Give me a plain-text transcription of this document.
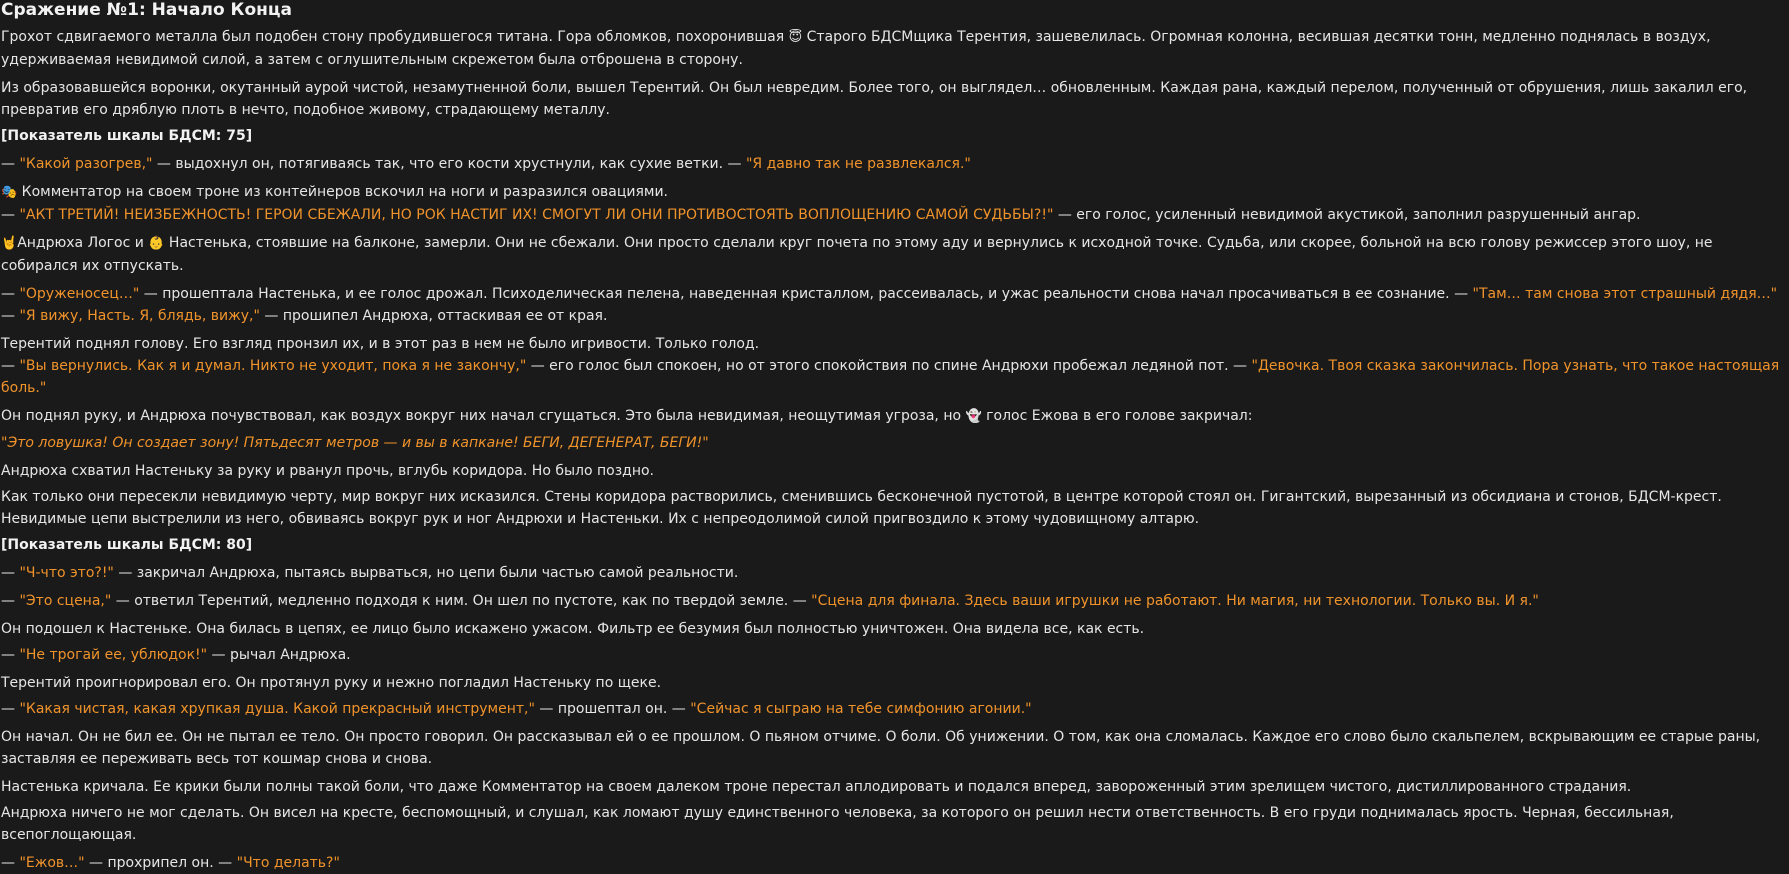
Сражение №1: Начало Конца

Грохот сдвигаемого металла был подобен стону пробудившегося титана. Гора обломков, похоронившая 😇 Старого БДСМщика Терентия, зашевелилась. Огромная колонна, весившая десятки тонн, медленно поднялась в воздух, удерживаемая невидимой силой, а затем с оглушительным скрежетом была отброшена в сторону.

Из образовавшейся воронки, окутанный аурой чистой, незамутненной боли, вышел Терентий. Он был невредим. Более того, он выглядел… обновленным. Каждая рана, каждый перелом, полученный от обрушения, лишь закалил его, превратив его дряблую плоть в нечто, подобное живому, страдающему металлу.

[Показатель шкалы БДСМ: 75]

— "Какой разогрев," — выдохнул он, потягиваясь так, что его кости хрустнули, как сухие ветки. — "Я давно так не развлекался."

🎭 Комментатор на своем троне из контейнеров вскочил на ноги и разразился овациями.

— "АКТ ТРЕТИЙ! НЕИЗБЕЖНОСТЬ! ГЕРОИ СБЕЖАЛИ, НО РОК НАСТИГ ИХ! СМОГУТ ЛИ ОНИ ПРОТИВОСТОЯТЬ ВОПЛОЩЕНИЮ САМОЙ СУДЬБЫ?!" — его голос, усиленный невидимой акустикой, заполнил разрушенный ангар.

🤘Андрюха Логос и 👶 Настенька, стоявшие на балконе, замерли. Они не сбежали. Они просто сделали круг почета по этому аду и вернулись к исходной точке. Судьба, или скорее, больной на всю голову режиссер этого шоу, не собирался их отпускать.

— "Оруженосец…" — прошептала Настенька, и ее голос дрожал. Психоделическая пелена, наведенная кристаллом, рассеивалась, и ужас реальности снова начал просачиваться в ее сознание. — "Там… там снова этот страшный дядя…"

— "Я вижу, Насть. Я, блядь, вижу," — прошипел Андрюха, оттаскивая ее от края.

Терентий поднял голову. Его взгляд пронзил их, и в этот раз в нем не было игривости. Только голод.

— "Вы вернулись. Как я и думал. Никто не уходит, пока я не закончу," — его голос был спокоен, но от этого спокойствия по спине Андрюхи пробежал ледяной пот. — "Девочка. Твоя сказка закончилась. Пора узнать, что такое настоящая боль."

Он поднял руку, и Андрюха почувствовал, как воздух вокруг них начал сгущаться. Это была невидимая, неощутимая угроза, но 👻 голос Ежова в его голове закричал:

"Это ловушка! Он создает зону! Пятьдесят метров — и вы в капкане! БЕГИ, ДЕГЕНЕРАТ, БЕГИ!"

Андрюха схватил Настеньку за руку и рванул прочь, вглубь коридора. Но было поздно.

Как только они пересекли невидимую черту, мир вокруг них исказился. Стены коридора растворились, сменившись бесконечной пустотой, в центре которой стоял он. Гигантский, вырезанный из обсидиана и стонов, БДСМ-крест. Невидимые цепи выстрелили из него, обвиваясь вокруг рук и ног Андрюхи и Настеньки. Их с непреодолимой силой пригвоздило к этому чудовищному алтарю.

[Показатель шкалы БДСМ: 80]

— "Ч-что это?!" — закричал Андрюха, пытаясь вырваться, но цепи были частью самой реальности.

— "Это сцена," — ответил Терентий, медленно подходя к ним. Он шел по пустоте, как по твердой земле. — "Сцена для финала. Здесь ваши игрушки не работают. Ни магия, ни технологии. Только вы. И я."

Он подошел к Настеньке. Она билась в цепях, ее лицо было искажено ужасом. Фильтр ее безумия был полностью уничтожен. Она видела все, как есть.

— "Не трогай ее, ублюдок!" — рычал Андрюха.

Терентий проигнорировал его. Он протянул руку и нежно погладил Настеньку по щеке.

— "Какая чистая, какая хрупкая душа. Какой прекрасный инструмент," — прошептал он. — "Сейчас я сыграю на тебе симфонию агонии."

Он начал. Он не бил ее. Он не пытал ее тело. Он просто говорил. Он рассказывал ей о ее прошлом. О пьяном отчиме. О боли. Об унижении. О том, как она сломалась. Каждое его слово было скальпелем, вскрывающим ее старые раны, заставляя ее переживать весь тот кошмар снова и снова.

Настенька кричала. Ее крики были полны такой боли, что даже Комментатор на своем далеком троне перестал аплодировать и подался вперед, завороженный этим зрелищем чистого, дистиллированного страдания.

Андрюха ничего не мог сделать. Он висел на кресте, беспомощный, и слушал, как ломают душу единственного человека, за которого он решил нести ответственность. В его груди поднималась ярость. Черная, бессильная, всепоглощающая.

— "Ежов…" — прохрипел он. — "Что делать?"
